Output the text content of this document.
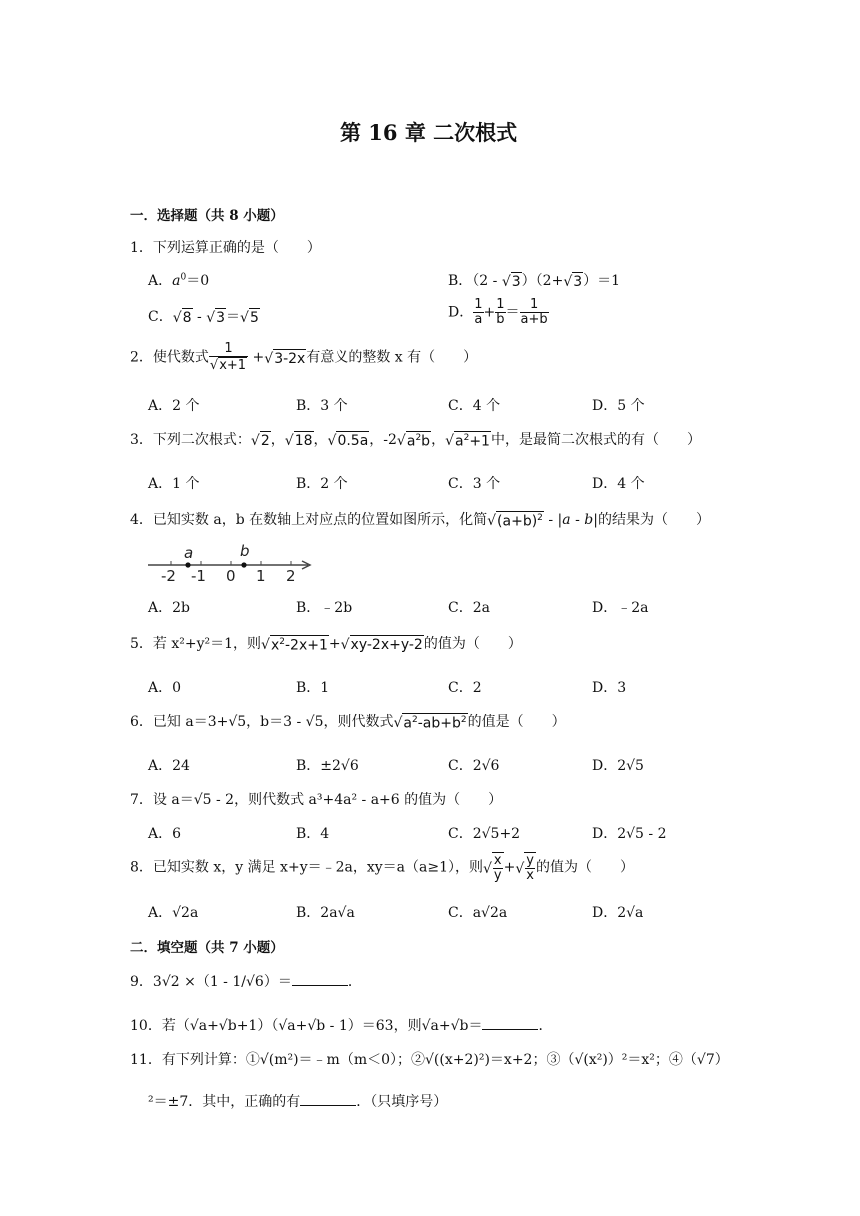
第 16 章 二次根式
一．选择题（共 8 小题）
1．下列运算正确的是（　　）
A．$a^0=0$	B．（2 - √3）（2+√3）＝1
C．√8 - √3＝√5	D． $\frac{1}{a} + \frac{1}{b} = \frac{1}{a+b}$
2．使代数式 $\frac{1}{√x+1} +√3-2x$有意义的整数 x 有（　　）
A．2 个	B．3 个	C．4 个	D．5 个
3．下列二次根式：√2，√18，√0.5a，$-2√a^2b$，$√a^2+1$中，是最简二次根式的有（　　）
A．1 个	B．2 个	C．3 个	D．4 个
4．已知实数 a，b 在数轴上对应点的位置如图所示，化简$√(a+b)^2 - |a - b|$的结果为（　　）
a	b
-2 -1 0 1 2
A．2b	B．﹣2b	C．2a	D．﹣2a
5．若 x²+y²＝1，则$√x^2-2x+1+√xy-2x+y-2$的值为（　　）
A．0	B．1	C．2	D．3
6．已知 a＝3+√5，b＝3 - √5，则代数式$√a^2-ab+b^2$的值是（　　）
A．24	B．±2√6	C．2√6	D．2√5
7．设 a＝√5 - 2，则代数式 a³+4a² - a+6 的值为（　　）
A．6	B．4	C．2√5+2	D．2√5 - 2
8．已知实数 x，y 满足 x+y＝﹣2a，xy＝a（a≥1），则√ $\frac{x}{y}$ +√ $\frac{y}{x}$ 的值为（　　）
A．√2a	B．2a√a	C．a√2a	D．2√a
二．填空题（共 7 小题）
9．3√2 ×（1 - 1/√6）＝	．
10．若（√a+√b+1）（√a+√b - 1）＝63，则√a+√b＝	．
11．有下列计算：①√(m²)＝﹣m（m＜0）；②√((x+2)²)＝x+2；③（√(x²)）²＝x²；④（√7）
²＝±7．其中，正确的有	．（只填序号）
